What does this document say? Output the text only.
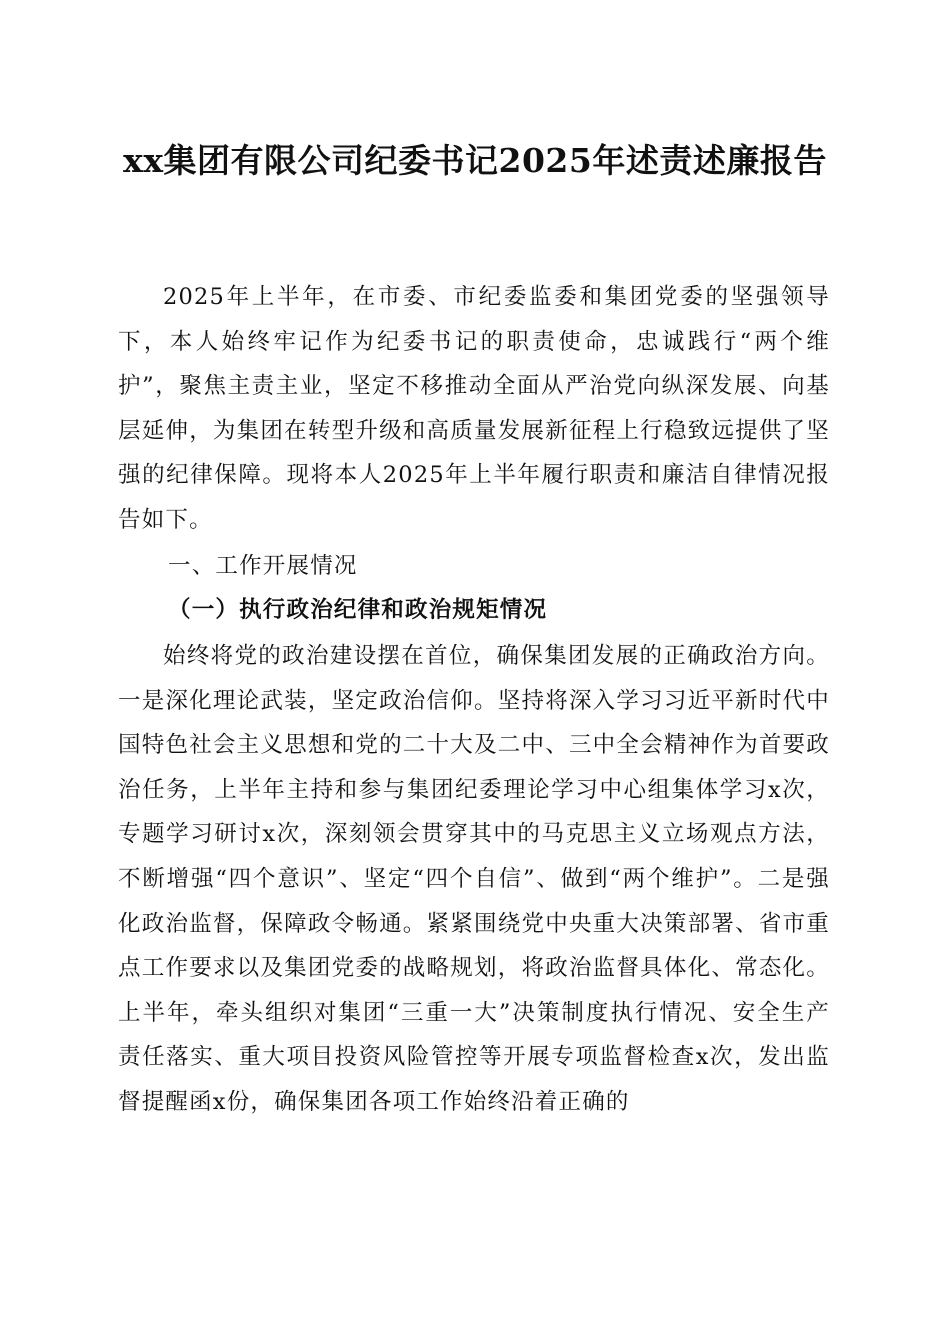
xx集团有限公司纪委书记2025年述责述廉报告
2025年上半年，在市委、市纪委监委和集团党委的坚强领导下，本人始终牢记作为纪委书记的职责使命，忠诚践行“两个维护”，聚焦主责主业，坚定不移推动全面从严治党向纵深发展、向基层延伸，为集团在转型升级和高质量发展新征程上行稳致远提供了坚强的纪律保障。现将本人2025年上半年履行职责和廉洁自律情况报告如下。
一、工作开展情况
（一）执行政治纪律和政治规矩情况
始终将党的政治建设摆在首位，确保集团发展的正确政治方向。一是深化理论武装，坚定政治信仰。坚持将深入学习习近平新时代中国特色社会主义思想和党的二十大及二中、三中全会精神作为首要政治任务，上半年主持和参与集团纪委理论学习中心组集体学习x次，专题学习研讨x次，深刻领会贯穿其中的马克思主义立场观点方法，不断增强“四个意识”、坚定“四个自信”、做到“两个维护”。二是强化政治监督，保障政令畅通。紧紧围绕党中央重大决策部署、省市重点工作要求以及集团党委的战略规划，将政治监督具体化、常态化。上半年，牵头组织对集团“三重一大”决策制度执行情况、安全生产责任落实、重大项目投资风险管控等开展专项监督检查x次，发出监督提醒函x份，确保集团各项工作始终沿着正确的
